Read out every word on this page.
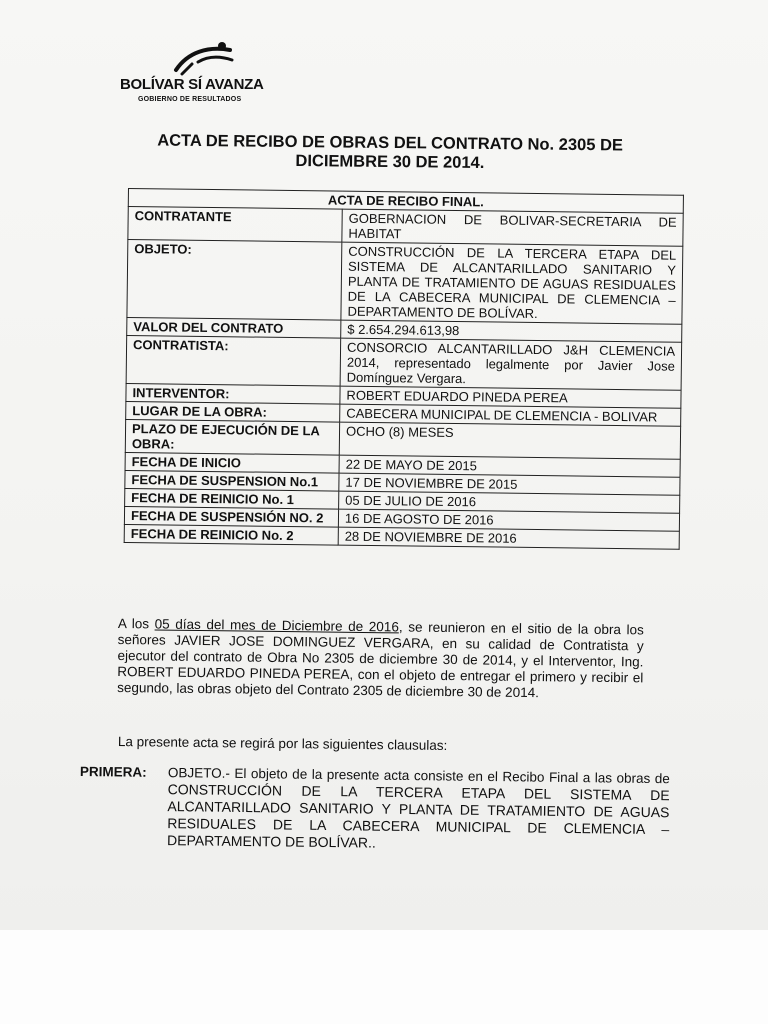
BOLÍVAR SÍ AVANZA
GOBIERNO DE RESULTADOS
ACTA DE RECIBO DE OBRAS DEL CONTRATO No. 2305 DE DICIEMBRE 30 DE 2014.
ACTA DE RECIBO FINAL.	
CONTRATANTE	GOBERNACION DE BOLIVAR-SECRETARIA DE HABITAT
OBJETO:	CONSTRUCCIÓN DE LA TERCERA ETAPA DEL SISTEMA DE ALCANTARILLADO SANITARIO Y PLANTA DE TRATAMIENTO DE AGUAS RESIDUALES DE LA CABECERA MUNICIPAL DE CLEMENCIA – DEPARTAMENTO DE BOLÍVAR.
VALOR DEL CONTRATO	$ 2.654.294.613,98
CONTRATISTA:	CONSORCIO ALCANTARILLADO J&H CLEMENCIA 2014, representado legalmente por Javier Jose Domínguez Vergara.
INTERVENTOR:	ROBERT EDUARDO PINEDA PEREA
LUGAR DE LA OBRA:	CABECERA MUNICIPAL DE CLEMENCIA - BOLIVAR
PLAZO DE EJECUCIÓN DE LA OBRA:	OCHO (8) MESES
FECHA DE INICIO	22 DE MAYO DE 2015
FECHA DE SUSPENSION No.1	17 DE NOVIEMBRE DE 2015
FECHA DE REINICIO No. 1	05 DE JULIO DE 2016
FECHA DE SUSPENSIÓN NO. 2	16 DE AGOSTO DE 2016
FECHA DE REINICIO No. 2	28 DE NOVIEMBRE DE 2016
A los 05 días del mes de Diciembre de 2016, se reunieron en el sitio de la obra los señores JAVIER JOSE DOMINGUEZ VERGARA, en su calidad de Contratista y ejecutor del contrato de Obra No 2305 de diciembre 30 de 2014, y el Interventor, Ing. ROBERT EDUARDO PINEDA PEREA, con el objeto de entregar el primero y recibir el segundo, las obras objeto del Contrato 2305 de diciembre 30 de 2014.
La presente acta se regirá por las siguientes clausulas:
PRIMERA: OBJETO.- El objeto de la presente acta consiste en el Recibo Final a las obras de CONSTRUCCIÓN DE LA TERCERA ETAPA DEL SISTEMA DE ALCANTARILLADO SANITARIO Y PLANTA DE TRATAMIENTO DE AGUAS RESIDUALES DE LA CABECERA MUNICIPAL DE CLEMENCIA –DEPARTAMENTO DE BOLÍVAR..
